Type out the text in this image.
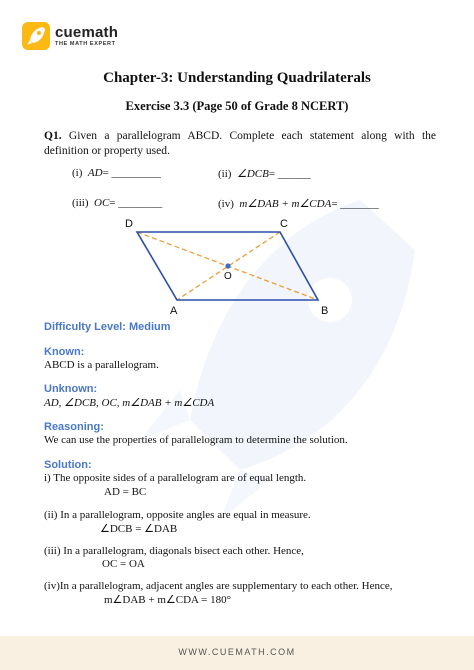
cuemath
THE MATH EXPERT
Chapter-3: Understanding Quadrilaterals
Exercise 3.3 (Page 50 of Grade 8 NCERT)
Q1. Given a parallelogram ABCD. Complete each statement along with the definition or property used.
(i) AD= _________	(ii) ∠DCB= ______
(iii) OC= ________	(iv) m∠DAB + m∠CDA= _______
D	C
A	B
O
Difficulty Level: Medium
Known:
ABCD is a parallelogram.
Unknown:
AD, ∠DCB, OC, m∠DAB + m∠CDA
Reasoning:
We can use the properties of parallelogram to determine the solution.
Solution:
i) The opposite sides of a parallelogram are of equal length.
AD = BC
(ii) In a parallelogram, opposite angles are equal in measure.
∠DCB = ∠DAB
(iii) In a parallelogram, diagonals bisect each other. Hence,
OC = OA
(iv)In a parallelogram, adjacent angles are supplementary to each other. Hence,
m∠DAB + m∠CDA = 180°
WWW.CUEMATH.COM
